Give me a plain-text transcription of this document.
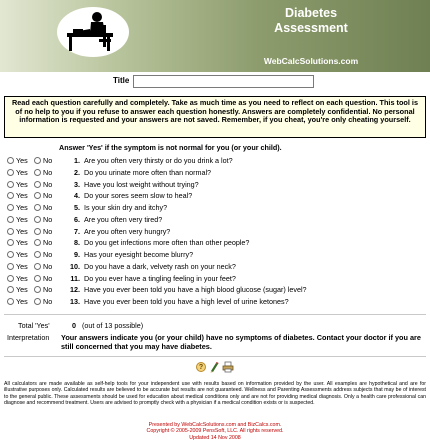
Diabetes
Assessment
WebCalcSolutions.com
Title
Read each question carefully and completely. Take as much time as you need to reflect on each question. This tool is of no help to you if you refuse to answer each question honestly. Answers are completely confidential. No personal information is requested and your answers are not saved. Remember, if you cheat, you're only cheating yourself.
Answer 'Yes' if the symptom is not normal for you (or your child).
Yes No	1. Are you often very thirsty or do you drink a lot?
Yes No	2. Do you urinate more often than normal?
Yes No	3. Have you lost weight without trying?
Yes No	4. Do your sores seem slow to heal?
Yes No	5. Is your skin dry and itchy?
Yes No	6. Are you often very tired?
Yes No	7. Are you often very hungry?
Yes No	8. Do you get infections more often than other people?
Yes No	9. Has your eyesight become blurry?
Yes No	10. Do you have a dark, velvety rash on your neck?
Yes No	11. Do you ever have a tingling feeling in your feet?
Yes No	12. Have you ever been told you have a high blood glucose (sugar) level?
Yes No	13. Have you ever been told you have a high level of urine ketones?
Total 'Yes'	0 (out of 13 possible)
Interpretation Your answers indicate you (or your child) have no symptoms of diabetes. Contact your doctor if you are still concerned that you may have diabetes.
?
All calculators are made available as self-help tools for your independent use with results based on information provided by the user. All examples are hypothetical and are for illustrative purposes only. Calculated results are believed to be accurate but results are not guaranteed. Wellness and Parenting Assessments address subjects that may be of interest to the general public. These assessments should be used for education about medical conditions only and are not for providing medical diagnosis. Only a health care professional can diagnose and recommend treatment. Users are advised to promptly check with a physician if a medical condition exists or is suspected.
Presented by WebCalcSolutions.com and BizCalcs.com.
Copyright © 2005-2009 PensSoft, LLC. All rights reserved.
Updated 14 Nov 2008
